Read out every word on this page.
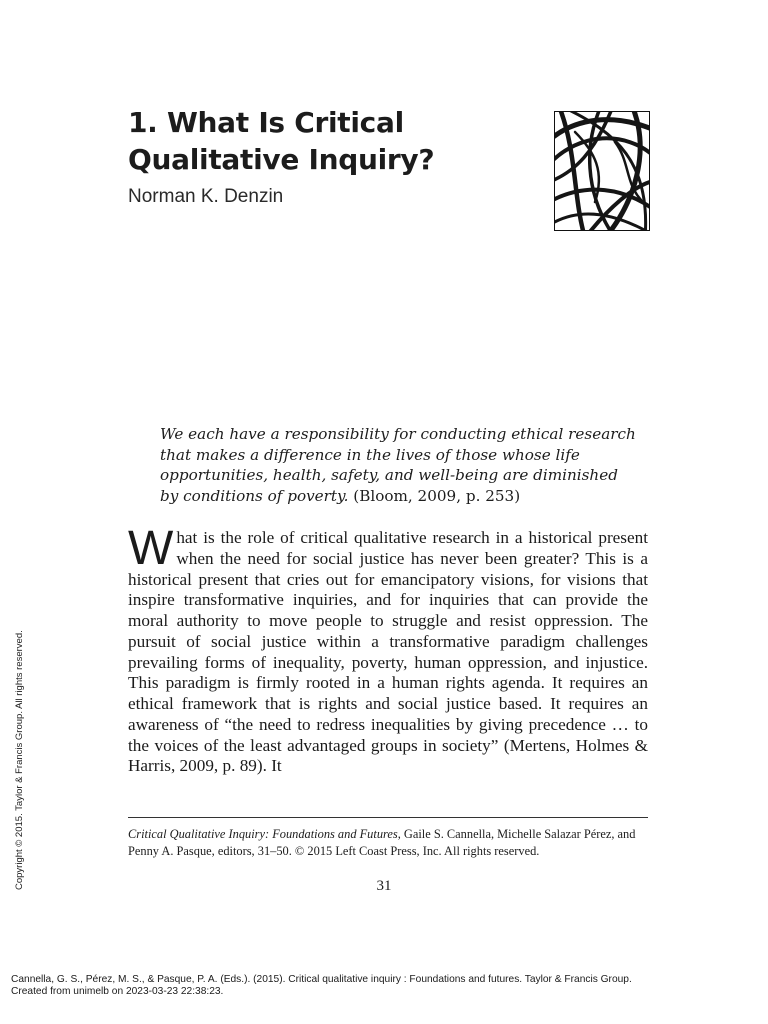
1. What Is Critical
Qualitative Inquiry?
Norman K. Denzin
We each have a responsibility for conducting ethical research
that makes a difference in the lives of those whose life
opportunities, health, safety, and well-being are diminished
by conditions of poverty. (Bloom, 2009, p. 253)
What is the role of critical qualitative research in a historical present when the need for social justice has never been greater? This is a historical present that cries out for emancipatory visions, for visions that inspire transformative inquiries, and for inquiries that can provide the moral authority to move people to struggle and resist oppression. The pursuit of social justice within a transformative paradigm challenges prevailing forms of inequality, poverty, human oppression, and injustice. This paradigm is firmly rooted in a human rights agenda. It requires an ethical framework that is rights and social justice based. It requires an awareness of “the need to redress inequalities by giving precedence … to the voices of the least advantaged groups in society” (Mertens, Holmes & Harris, 2009, p. 89). It
Critical Qualitative Inquiry: Foundations and Futures, Gaile S. Cannella, Michelle Salazar Pérez, and Penny A. Pasque, editors, 31–50. © 2015 Left Coast Press, Inc. All rights reserved.
31
Copyright © 2015. Taylor & Francis Group. All rights reserved.
Cannella, G. S., Pérez, M. S., & Pasque, P. A. (Eds.). (2015). Critical qualitative inquiry : Foundations and futures. Taylor & Francis Group.
Created from unimelb on 2023-03-23 22:38:23.
